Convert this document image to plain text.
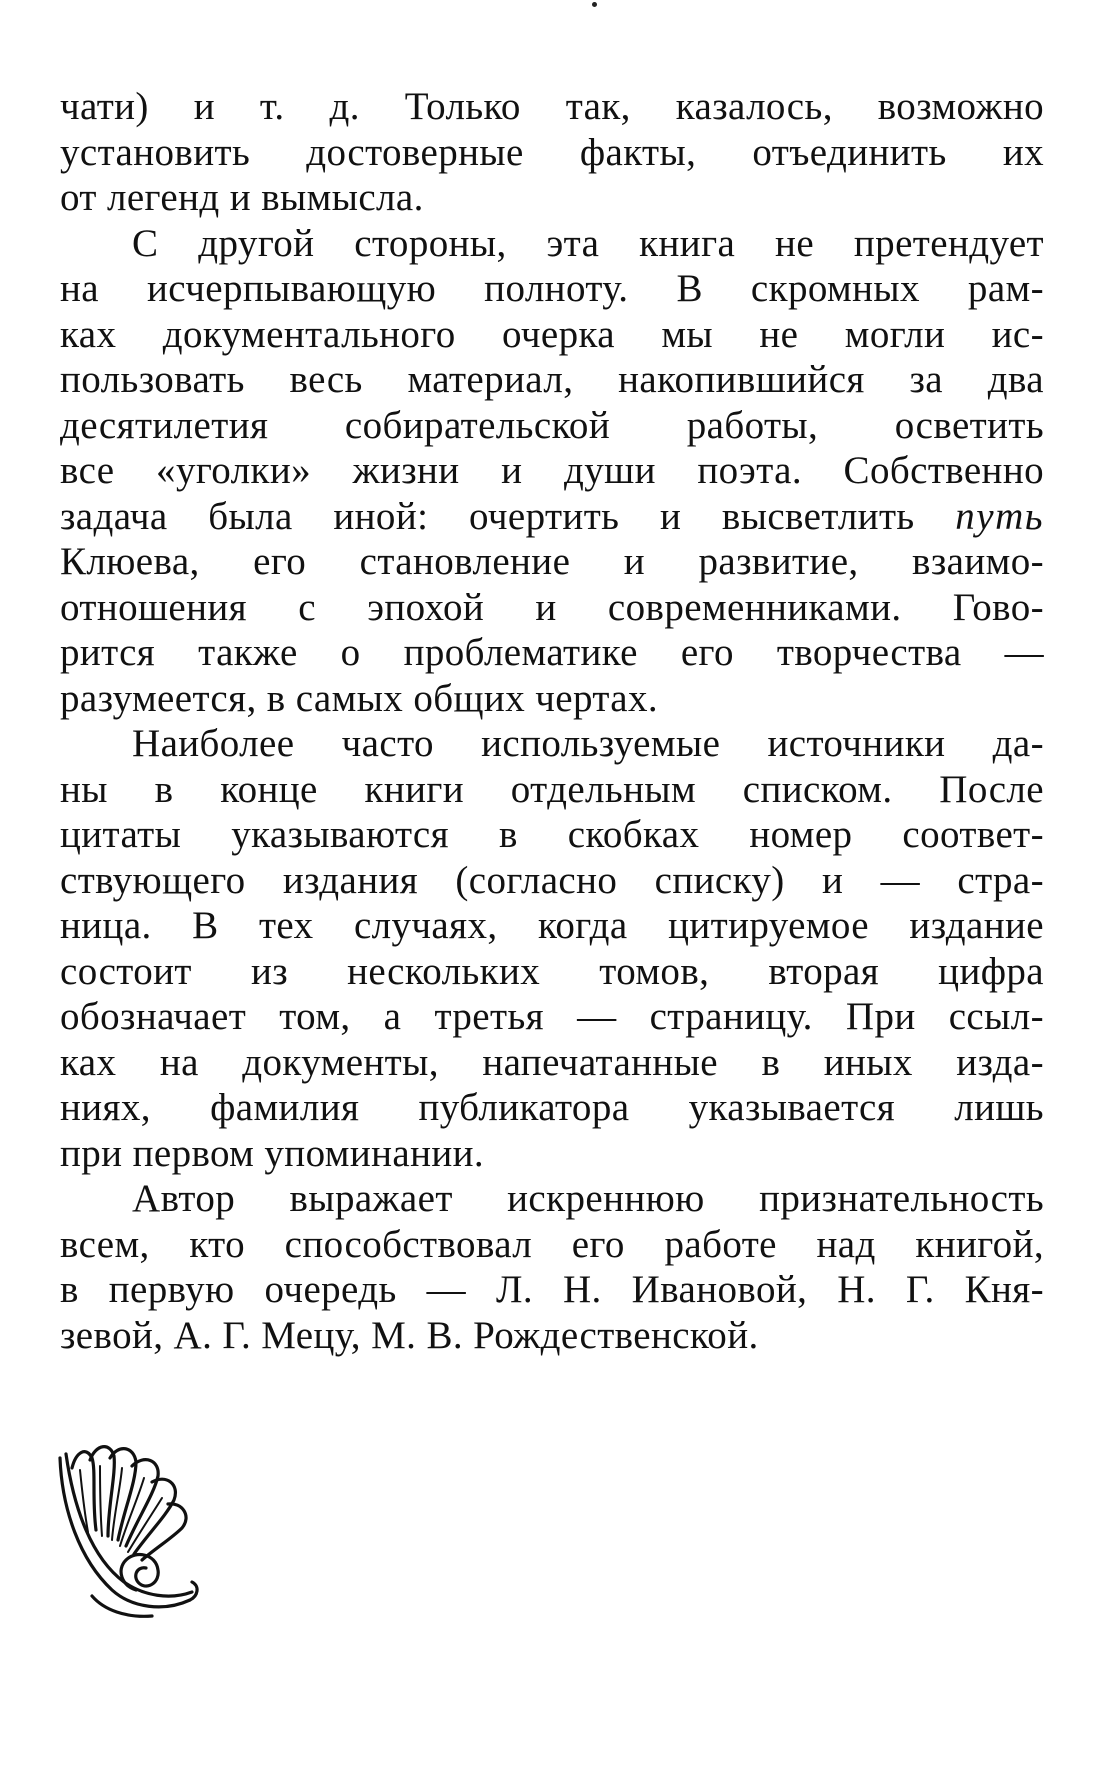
чати) и т. д. Только так, казалось, возможно
установить достоверные факты, отъединить их
от легенд и вымысла.
С другой стороны, эта книга не претендует
на исчерпывающую полноту. В скромных рам-
ках документального очерка мы не могли ис-
пользовать весь материал, накопившийся за два
десятилетия собирательской работы, осветить
все «уголки» жизни и души поэта. Собственно
задача была иной: очертить и высветлить путь
Клюева, его становление и развитие, взаимо-
отношения с эпохой и современниками. Гово-
рится также о проблематике его творчества —
разумеется, в самых общих чертах.
Наиболее часто используемые источники да-
ны в конце книги отдельным списком. После
цитаты указываются в скобках номер соответ-
ствующего издания (согласно списку) и — стра-
ница. В тех случаях, когда цитируемое издание
состоит из нескольких томов, вторая цифра
обозначает том, а третья — страницу. При ссыл-
ках на документы, напечатанные в иных изда-
ниях, фамилия публикатора указывается лишь
при первом упоминании.
Автор выражает искреннюю признательность
всем, кто способствовал его работе над книгой,
в первую очередь — Л. Н. Ивановой, Н. Г. Кня-
зевой, А. Г. Мецу, М. В. Рождественской.
